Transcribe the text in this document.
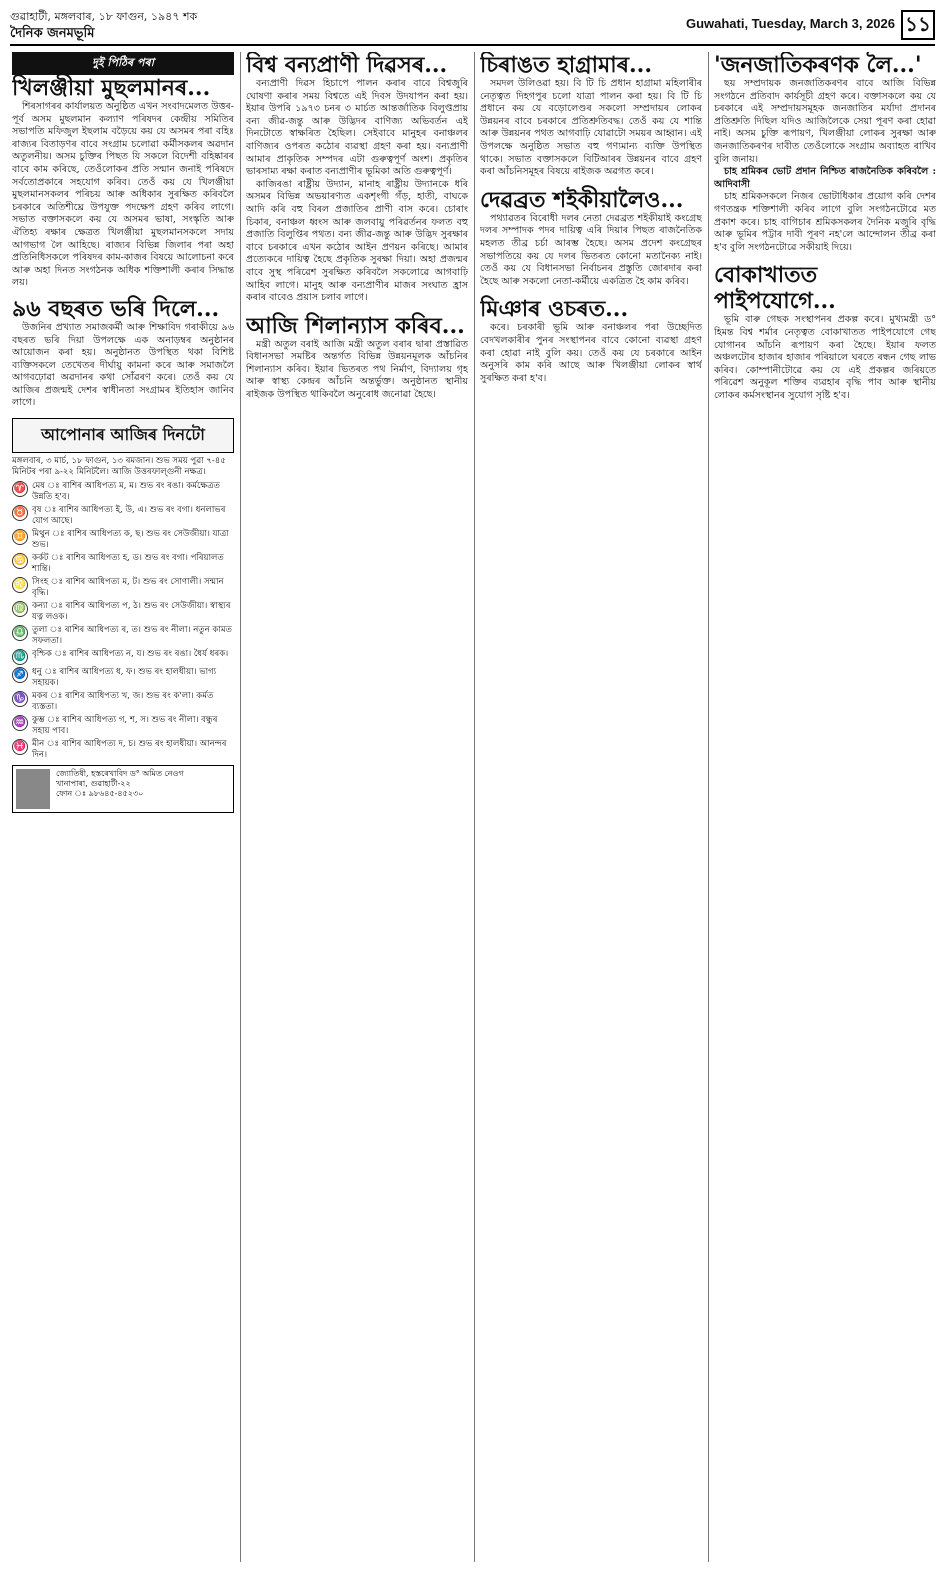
গুৱাহাটী, মঙ্গলবাৰ, ১৮ ফাগুন, ১৯৪৭ শক
দৈনিক জনমভূমি
Guwahati, Tuesday, March 3, 2026 ১১
দুই পিঠিৰ পৰা
খিলঞ্জীয়া মুছলমানৰ...

শিৰসাগৰৰ কাৰ্যালয়ত অনুষ্ঠিত এখন সংবাদমেলত উত্তৰ-পূৰ্ব অসম মুছলমান কল্যাণ পৰিষদৰ কেন্দ্ৰীয় সমিতিৰ সভাপতি মফিজুল ইছলাম বড়ৈয়ে কয় যে অসমৰ পৰা বহিঃ ৰাজ্যৰ বিতাড়ণৰ বাবে সংগ্ৰাম চলোৱা কৰ্মীসকলৰ অৱদান অতুলনীয়। অসম চুক্তিৰ পিছত যি সকলে বিদেশী বহিষ্কাৰৰ বাবে কাম কৰিছে, তেওঁলোকৰ প্ৰতি সন্মান জনাই পৰিষদে সৰ্বতোপ্ৰকাৰে সহযোগ কৰিব। তেওঁ কয় যে খিলঞ্জীয়া মুছলমানসকলৰ পৰিচয় আৰু অধিকাৰ সুৰক্ষিত কৰিবলৈ চৰকাৰে অতিশীঘ্ৰে উপযুক্ত পদক্ষেপ গ্ৰহণ কৰিব লাগে। সভাত বক্তাসকলে কয় যে অসমৰ ভাষা, সংস্কৃতি আৰু ঐতিহ্য ৰক্ষাৰ ক্ষেত্ৰত খিলঞ্জীয়া মুছলমানসকলে সদায় আগভাগ লৈ আহিছে। ৰাজ্যৰ বিভিন্ন জিলাৰ পৰা অহা প্ৰতিনিধিসকলে পৰিষদৰ কাম-কাজৰ বিষয়ে আলোচনা কৰে আৰু অহা দিনত সংগঠনক অধিক শক্তিশালী কৰাৰ সিদ্ধান্ত লয়।

৯৬ বছৰত ভৰি দিলে...

উজনিৰ প্ৰখ্যাত সমাজকৰ্মী আৰু শিক্ষাবিদ গৰাকীয়ে ৯৬ বছৰত ভৰি দিয়া উপলক্ষে এক অনাড়ম্বৰ অনুষ্ঠানৰ আয়োজন কৰা হয়। অনুষ্ঠানত উপস্থিত থকা বিশিষ্ট ব্যক্তিসকলে তেখেতৰ দীৰ্ঘায়ু কামনা কৰে আৰু সমাজলৈ আগবঢ়োৱা অৱদানৰ কথা সোঁৱৰণ কৰে। তেওঁ কয় যে আজিৰ প্ৰজন্মই দেশৰ স্বাধীনতা সংগ্ৰামৰ ইতিহাস জানিব লাগে।

আপোনাৰ আজিৰ দিনটো
মঙ্গলবাৰ, ৩ মাৰ্চ, ১৮ ফাগুন, ১৩ ৰমজান। শুভ সময় পুৱা ৭-৪৫ মিনিটৰ পৰা ৯-২২ মিনিটলৈ। আজি উত্তৰফাল্গুনী নক্ষত্ৰ।
♈ মেষ ঃ ৰাশিৰ আধিপত্য ম, ম। শুভ ৰং ৰঙা। কৰ্মক্ষেত্ৰত উন্নতি হ'ব।
♉ বৃষ ঃ ৰাশিৰ আধিপত্য ই, উ, এ। শুভ ৰং বগা। ধনলাভৰ যোগ আছে।
♊ মিথুন ঃ ৰাশিৰ আধিপত্য ক, ছ। শুভ ৰং সেউজীয়া। যাত্ৰা শুভ।
♋ কৰ্কট ঃ ৰাশিৰ আধিপত্য হ, ড। শুভ ৰং বগা। পৰিয়ালত শান্তি।
♌ সিংহ ঃ ৰাশিৰ আধিপত্য ম, ট। শুভ ৰং সোণালী। সন্মান বৃদ্ধি।
♍ কন্যা ঃ ৰাশিৰ আধিপত্য প, ঠ। শুভ ৰং সেউজীয়া। স্বাস্থ্যৰ যত্ন লওক।
♎ তুলা ঃ ৰাশিৰ আধিপত্য ৰ, ত। শুভ ৰং নীলা। নতুন কামত সফলতা।
♏ বৃশ্চিক ঃ ৰাশিৰ আধিপত্য ন, য। শুভ ৰং ৰঙা। ধৈৰ্য ধৰক।
♐ ধনু ঃ ৰাশিৰ আধিপত্য ধ, ফ। শুভ ৰং হালধীয়া। ভাগ্য সহায়ক।
♑ মকৰ ঃ ৰাশিৰ আধিপত্য খ, জ। শুভ ৰং ক'লা। কৰ্মত ব্যস্ততা।
♒ কুম্ভ ঃ ৰাশিৰ আধিপত্য গ, শ, স। শুভ ৰং নীলা। বন্ধুৰ সহায় পাব।
♓ মীন ঃ ৰাশিৰ আধিপত্য দ, চ। শুভ ৰং হালধীয়া। আনন্দৰ দিন।
জ্যোতিষী, হস্তৰেখাবিদ ড° অমিত নেওগ
খানাপাৰা, গুৱাহাটী-২২
ফোন ঃ ৯৮৬৪৫-৪৫২৩০
বিশ্ব বন্যপ্ৰাণী দিৱসৰ...

বন্যপ্ৰাণী দিৱস হিচাপে পালন কৰাৰ বাবে বিশ্বজুৰি ঘোষণা কৰাৰ সময় বিশ্বতে এই দিবস উদযাপন কৰা হয়। ইয়াৰ উপৰি ১৯৭৩ চনৰ ৩ মাৰ্চত আন্তৰ্জাতিক বিলুপ্তপ্ৰায় বন্য জীৱ-জন্তু আৰু উদ্ভিদৰ বাণিজ্য অভিবৰ্তন এই দিনটোতে স্বাক্ষৰিত হৈছিল। সেইবাবে মানুহৰ বনাঞ্চলৰ বাণিজ্যৰ ওপৰত কঠোৰ ব্যৱস্থা গ্ৰহণ কৰা হয়। বন্যপ্ৰাণী আমাৰ প্ৰাকৃতিক সম্পদৰ এটা গুৰুত্বপূৰ্ণ অংশ। প্ৰকৃতিৰ ভাৰসাম্য ৰক্ষা কৰাত বন্যপ্ৰাণীৰ ভূমিকা অতি গুৰুত্বপূৰ্ণ।

কাজিৰঙা ৰাষ্ট্ৰীয় উদ্যান, মানাহ ৰাষ্ট্ৰীয় উদ্যানকে ধৰি অসমৰ বিভিন্ন অভয়াৰণ্যত একশৃংগী গঁড়, হাতী, বাঘকে আদি কৰি বহু বিৰল প্ৰজাতিৰ প্ৰাণী বাস কৰে। চোৰাং চিকাৰ, বনাঞ্চল ধ্বংস আৰু জলবায়ু পৰিৱৰ্তনৰ ফলত বহু প্ৰজাতি বিলুপ্তিৰ পথত। বন্য জীৱ-জন্তু আৰু উদ্ভিদ সুৰক্ষাৰ বাবে চৰকাৰে এখন কঠোৰ আইন প্ৰণয়ন কৰিছে। আমাৰ প্ৰত্যেকৰে দায়িত্ব হৈছে প্ৰকৃতিক সুৰক্ষা দিয়া। অহা প্ৰজন্মৰ বাবে সুস্থ পৰিৱেশ সুৰক্ষিত কৰিবলৈ সকলোৱে আগবাঢ়ি আহিব লাগে। মানুহ আৰু বন্যপ্ৰাণীৰ মাজৰ সংঘাত হ্ৰাস কৰাৰ বাবেও প্ৰয়াস চলাব লাগে।

আজি শিলান্যাস কৰিব...

মন্ত্ৰী অতুল বৰাই আজি মন্ত্ৰী অতুল বৰাৰ দ্বাৰা প্ৰস্তাৱিত বিধানসভা সমষ্টিৰ অন্তৰ্গত বিভিন্ন উন্নয়নমূলক আঁচনিৰ শিলান্যাস কৰিব। ইয়াৰ ভিতৰত পথ নিৰ্মাণ, বিদ্যালয় গৃহ আৰু স্বাস্থ্য কেন্দ্ৰৰ আঁচনি অন্তৰ্ভুক্ত। অনুষ্ঠানত স্থানীয় ৰাইজক উপস্থিত থাকিবলৈ অনুৰোধ জনোৱা হৈছে।

চিৰাঙত হাগ্ৰামাৰ...

সমদল উলিওৱা হয়। বি টি চি প্ৰধান হাগ্ৰামা মহিলাৰীৰ নেতৃত্বত দিহগপুৰ চলো যাত্ৰা পালন কৰা হয়। বি টি চি প্ৰধানে কয় যে বড়োলেণ্ডৰ সকলো সম্প্ৰদায়ৰ লোকৰ উন্নয়নৰ বাবে চৰকাৰে প্ৰতিশ্ৰুতিবদ্ধ। তেওঁ কয় যে শান্তি আৰু উন্নয়নৰ পথত আগবাঢ়ি যোৱাটো সময়ৰ আহ্বান। এই উপলক্ষে অনুষ্ঠিত সভাত বহু গণ্যমান্য ব্যক্তি উপস্থিত থাকে। সভাত বক্তাসকলে বিটিআৰৰ উন্নয়নৰ বাবে গ্ৰহণ কৰা আঁচনিসমূহৰ বিষয়ে ৰাইজক অৱগত কৰে।

দেৱব্ৰত শইকীয়ালৈও...

পথ্যাৱতৰ বিৰোধী দলৰ নেতা দেৱব্ৰত শইকীয়াই কংগ্ৰেছ দলৰ সম্পাদক পদৰ দায়িত্ব এৰি দিয়াৰ পিছত ৰাজনৈতিক মহলত তীব্ৰ চৰ্চা আৰম্ভ হৈছে। অসম প্ৰদেশ কংগ্ৰেছৰ সভাপতিয়ে কয় যে দলৰ ভিতৰত কোনো মতানৈক্য নাই। তেওঁ কয় যে বিধানসভা নিৰ্বাচনৰ প্ৰস্তুতি জোৰদাৰ কৰা হৈছে আৰু সকলো নেতা-কৰ্মীয়ে একত্ৰিত হৈ কাম কৰিব।

মিঞাৰ ওচৰত...

কৰে। চৰকাৰী ভূমি আৰু বনাঞ্চলৰ পৰা উচ্ছেদিত বেদখলকাৰীৰ পুনৰ সংস্থাপনৰ বাবে কোনো ব্যৱস্থা গ্ৰহণ কৰা হোৱা নাই বুলি কয়। তেওঁ কয় যে চৰকাৰে আইন অনুসৰি কাম কৰি আছে আৰু খিলঞ্জীয়া লোকৰ স্বাৰ্থ সুৰক্ষিত কৰা হ'ব।

'জনজাতিকৰণক লৈ...'

ছয় সম্প্ৰদায়ক জনজাতিকৰণৰ বাবে আজি বিভিন্ন সংগঠনে প্ৰতিবাদ কাৰ্যসূচী গ্ৰহণ কৰে। বক্তাসকলে কয় যে চৰকাৰে এই সম্প্ৰদায়সমূহক জনজাতিৰ মৰ্যাদা প্ৰদানৰ প্ৰতিশ্ৰুতি দিছিল যদিও আজিলৈকে সেয়া পূৰণ কৰা হোৱা নাই। অসম চুক্তি ৰূপায়ণ, খিলঞ্জীয়া লোকৰ সুৰক্ষা আৰু জনজাতিকৰণৰ দাবীত তেওঁলোকে সংগ্ৰাম অব্যাহত ৰাখিব বুলি জনায়।

চাহ শ্ৰমিকৰ ভোট প্ৰদান নিশ্চিত ৰাজনৈতিক কৰিবলৈ : আদিবাসী

চাহ শ্ৰমিকসকলে নিজৰ ভোটাধিকাৰ প্ৰয়োগ কৰি দেশৰ গণতন্ত্ৰক শক্তিশালী কৰিব লাগে বুলি সংগঠনটোৱে মত প্ৰকাশ কৰে। চাহ বাগিচাৰ শ্ৰমিকসকলৰ দৈনিক মজুৰি বৃদ্ধি আৰু ভূমিৰ পট্টাৰ দাবী পূৰণ নহ'লে আন্দোলন তীব্ৰ কৰা হ'ব বুলি সংগঠনটোৱে সকীয়াই দিয়ে।

বোকাখাতত পাইপযোগে...

ভূমি বাৰু গেছক সংস্থাপনৰ প্ৰকল্প কৰে। মুখ্যমন্ত্ৰী ড° হিমন্ত বিশ্ব শৰ্মাৰ নেতৃত্বত বোকাখাতত পাইপযোগে গেছ যোগানৰ আঁচনি ৰূপায়ণ কৰা হৈছে। ইয়াৰ ফলত অঞ্চলটোৰ হাজাৰ হাজাৰ পৰিয়ালে ঘৰতে ৰন্ধন গেছ লাভ কৰিব। কোম্পানীটোৱে কয় যে এই প্ৰকল্পৰ জৰিয়তে পৰিৱেশ অনুকূল শক্তিৰ ব্যৱহাৰ বৃদ্ধি পাব আৰু স্থানীয় লোকৰ কৰ্মসংস্থানৰ সুযোগ সৃষ্টি হ'ব।
